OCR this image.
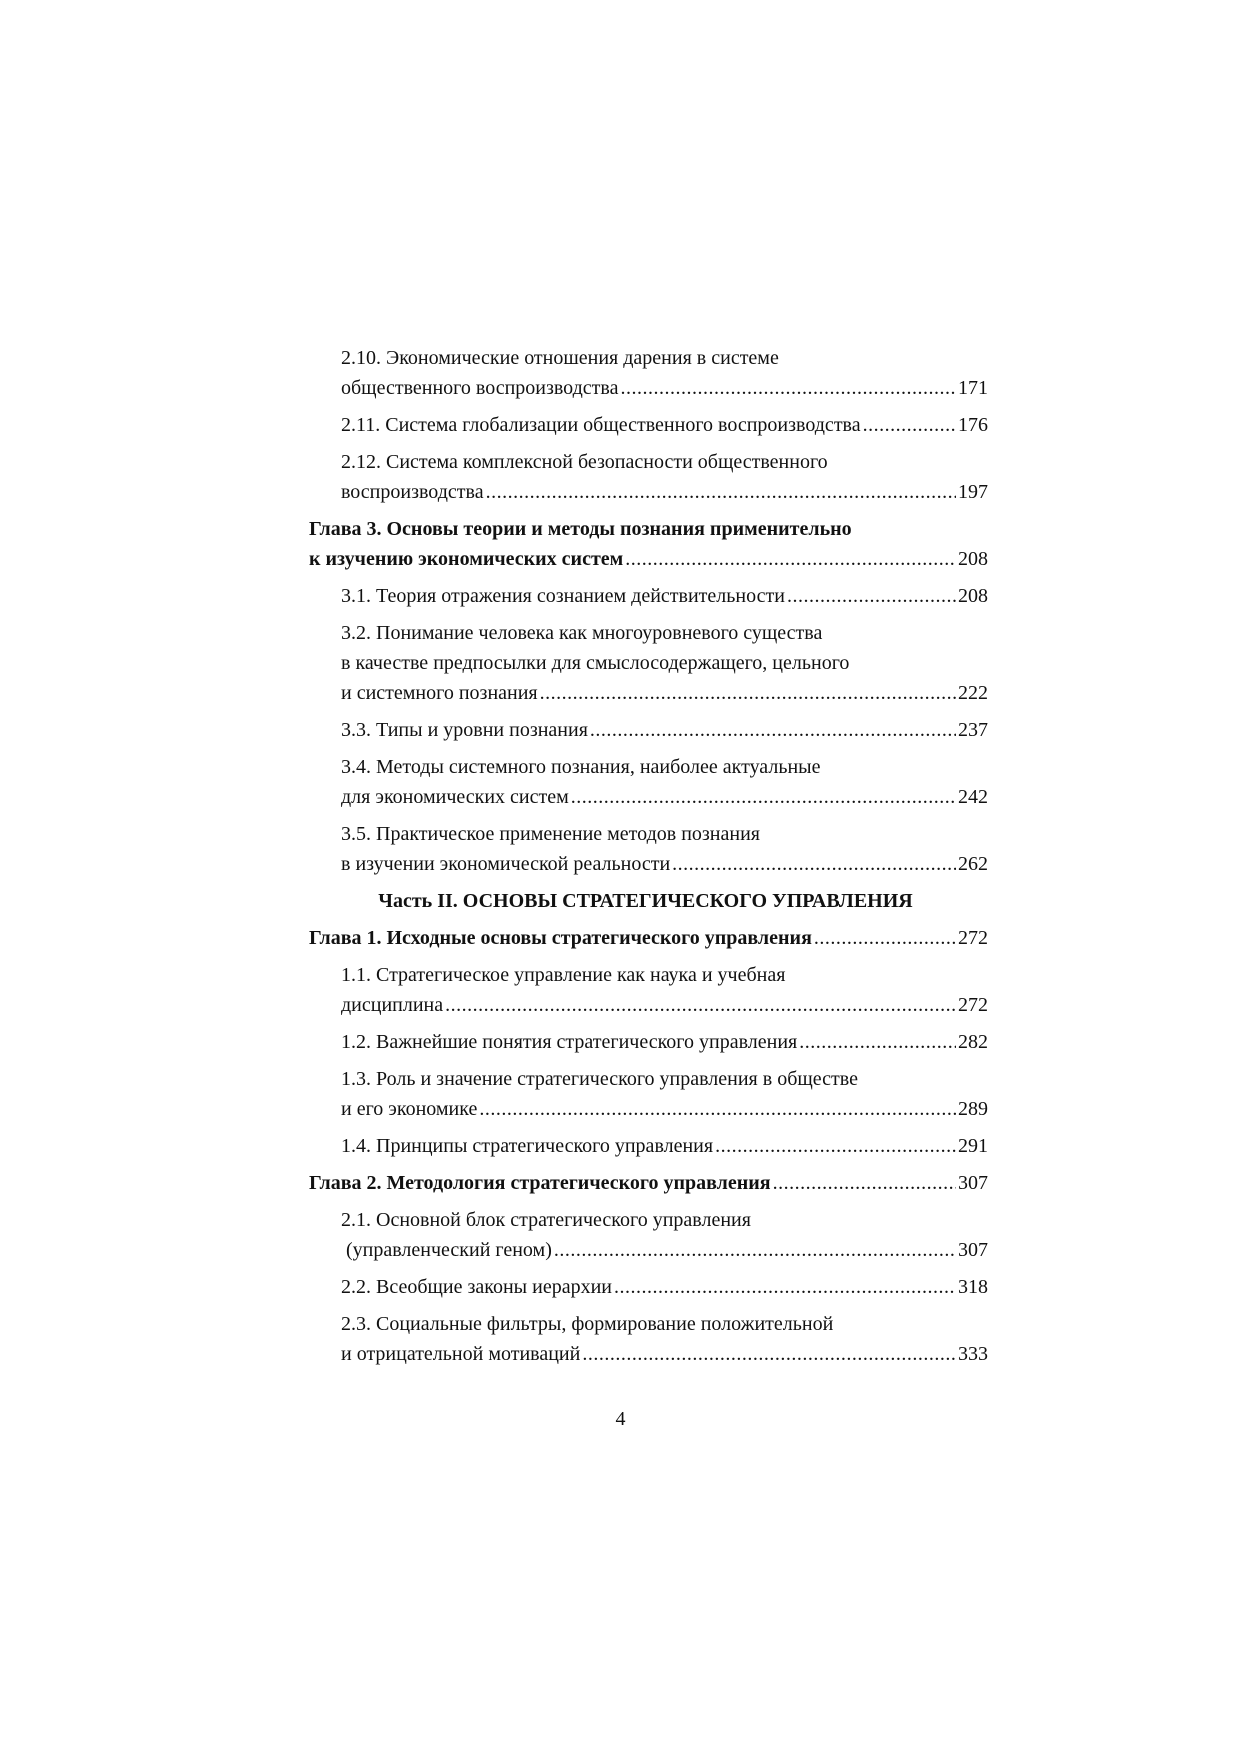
2.10. Экономические отношения дарения в системе
общественного воспроизводства .....	171
2.11. Система глобализации общественного воспроизводства .....	176
2.12. Система комплексной безопасности общественного
воспроизводства .....	197
Глава 3. Основы теории и методы познания применительно
к изучению экономических систем .....	208
3.1. Теория отражения сознанием действительности .....	208
3.2. Понимание человека как многоуровневого существа
в качестве предпосылки для смыслосодержащего, цельного
и системного познания .....	222
3.3. Типы и уровни познания .....	237
3.4. Методы системного познания, наиболее актуальные
для экономических систем .....	242
3.5. Практическое применение методов познания
в изучении экономической реальности .....	262
Часть II. ОСНОВЫ СТРАТЕГИЧЕСКОГО УПРАВЛЕНИЯ
Глава 1. Исходные основы стратегического управления .....	272
1.1. Стратегическое управление как наука и учебная
дисциплина .....	272
1.2. Важнейшие понятия стратегического управления .....	282
1.3. Роль и значение стратегического управления в обществе
и его экономике .....	289
1.4. Принципы стратегического управления .....	291
Глава 2. Методология стратегического управления .....	307
2.1. Основной блок стратегического управления
(управленческий геном) .....	307
2.2. Всеобщие законы иерархии .....	318
2.3. Социальные фильтры, формирование положительной
и отрицательной мотиваций .....	333
4
